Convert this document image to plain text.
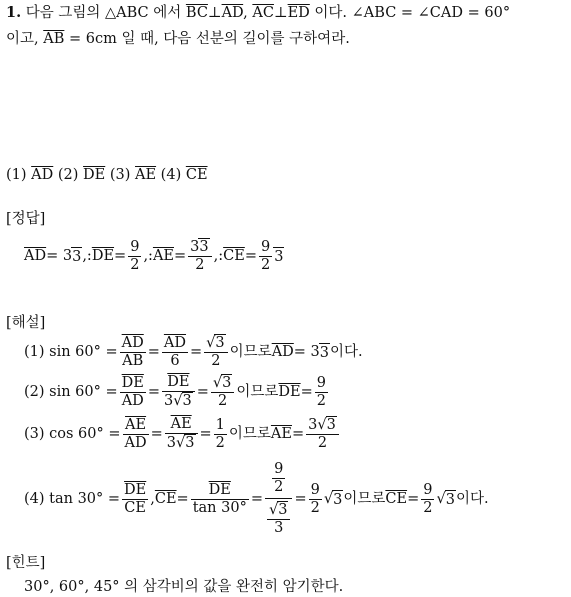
1. 다음 그림의 △ABC 에서 $\overline{BC}\perp\overline{AD}$, $\overline{AC}\perp\overline{ED}$ 이다. ∠ABC = ∠CAD = 60°
이고, $\overline{AB} = 6cm$ 일 때, 다음 선분의 길이를 구하여라.
(1) $\overline{AD}$ (2) $\overline{DE}$ (3) $\overline{AE}$ (4) $\overline{CE}$
[정답]
$\overline{AD} = 3$ 3 ,: $\overline{DE} = \frac{9}{2}$ ,: $\overline{AE} = \frac{33}{2}$ ,: $\overline{CE} = \frac{9}{2} 3$
[해설]
(1) $\sin 60^\circ = \frac{\overline{AD}}{AB} = \frac{\overline{AD}}{6} = \frac{√3}{2}$ 이므로 $\overline{AD} = 3$ 3 이다.
(2) $\sin 60^\circ = \frac{\overline{DE}}{AD} = \frac{\overline{DE}}{3√3} = \frac{√3}{2}$ 이므로 $\overline{DE} = \frac{9}{2}$
(3) $\cos 60^\circ = \frac{\overline{AE}}{AD} = \frac{\overline{AE}}{3√3} = \frac{1}{2}$ 이므로 $\overline{AE} = \frac{3√3}{2}$
(4) $\tan 30^\circ = \frac{\overline{DE}}{CE}$ , $\overline{CE} = \frac{\overline{DE}}{\tan 30^\circ} = \frac{\frac{9}{2}}{\frac{√3}{3}} = \frac{9}{2}$ √ 3 이므로 $\overline{CE} = \frac{9}{2}$ √ 3 이다.
[힌트]
30°, 60°, 45° 의 삼각비의 값을 완전히 암기한다.
